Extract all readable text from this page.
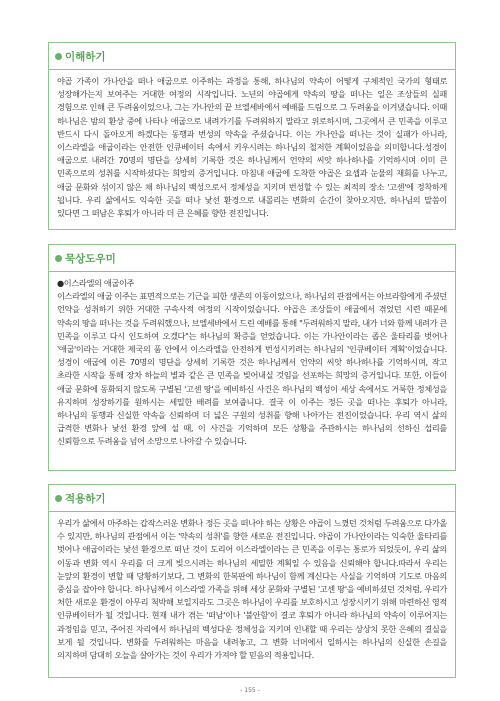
이해하기
야곱 가족이 가나안을 떠나 애굽으로 이주하는 과정을 통해, 하나님의 약속이 어떻게 구체적인 국가의 형태로 성장해가는지 보여주는 거대한 여정의 시작입니다. 노년의 야곱에게 약속의 땅을 떠나는 일은 조상들의 실패 경험으로 인해 큰 두려움이었으나, 그는 가나안의 끝 브엘세바에서 예배를 드림으로 그 두려움을 이겨냈습니다. 이때 하나님은 밤의 환상 중에 나타나 애굽으로 내려가기를 두려워하지 말라고 위로하시며, 그곳에서 큰 민족을 이루고 반드시 다시 돌아오게 하겠다는 동행과 번성의 약속을 주셨습니다. 이는 가나안을 떠나는 것이 실패가 아니라, 이스라엘을 애굽이라는 안전한 인큐베이터 속에서 키우시려는 하나님의 철저한 계획이었음을 의미합니다.성경이 애굽으로 내려간 70명의 명단을 상세히 기록한 것은 하나님께서 언약의 씨앗 하나하나를 기억하시며 이미 큰 민족으로의 성취를 시작하셨다는 희망의 증거입니다. 마침내 애굽에 도착한 야곱은 요셉과 눈물의 재회를 나누고, 애굽 문화와 섞이지 않은 채 하나님의 백성으로서 정체성을 지키며 번성할 수 있는 최적의 장소 '고센'에 정착하게 됩니다. 우리 삶에서도 익숙한 곳을 떠나 낯선 환경으로 내몰리는 변화의 순간이 찾아오지만, 하나님의 말씀이 있다면 그 떠남은 후퇴가 아니라 더 큰 은혜를 향한 전진입니다.
묵상도우미
●이스라엘의 애굽이주
이스라엘의 애굽 이주는 표면적으로는 기근을 피한 생존의 이동이었으나, 하나님의 관점에서는 아브라함에게 주셨던 언약을 성취하기 위한 거대한 구속사적 여정의 시작이었습니다. 야곱은 조상들이 애굽에서 겪었던 시련 때문에 약속의 땅을 떠나는 것을 두려워했으나, 브엘세바에서 드린 예배를 통해 "두려워하지 말라, 내가 너와 함께 내려가 큰 민족을 이루고 다시 인도하여 오겠다"는 하나님의 확증을 얻었습니다. 이는 가나안이라는 좁은 울타리를 벗어나 '애굽'이라는 거대한 제국의 품 안에서 이스라엘을 안전하게 번성시키려는 하나님의 '인큐베이터 계획'이었습니다. 성경이 애굽에 이른 70명의 명단을 상세히 기록한 것은 하나님께서 언약의 씨앗 하나하나를 기억하시며, 작고 초라한 시작을 통해 장차 하늘의 별과 같은 큰 민족을 빚어내실 것임을 선포하는 희망의 증거입니다. 또한, 이들이 애굽 문화에 동화되지 않도록 구별된 '고센 땅'을 예비하신 사건은 하나님의 백성이 세상 속에서도 거룩한 정체성을 유지하며 성장하기를 원하시는 세밀한 배려를 보여줍니다. 결국 이 이주는 정든 곳을 떠나는 후퇴가 아니라, 하나님의 동행과 신실한 약속을 신뢰하며 더 넓은 구원의 성취를 향해 나아가는 전진이었습니다. 우리 역시 삶의 급격한 변화나 낯선 환경 앞에 설 때, 이 사건을 기억하며 모든 상황을 주관하시는 하나님의 선하신 섭리를 신뢰함으로 두려움을 넘어 소망으로 나아갈 수 있습니다.
적용하기
우리가 삶에서 마주하는 갑작스러운 변화나 정든 곳을 떠나야 하는 상황은 야곱이 느꼈던 것처럼 두려움으로 다가올 수 있지만, 하나님의 관점에서 이는 '약속의 성취'를 향한 새로운 전진입니다. 야곱이 가나안이라는 익숙한 울타리를 벗어나 애굽이라는 낯선 환경으로 떠난 것이 도리어 이스라엘이라는 큰 민족을 이루는 통로가 되었듯이, 우리 삶의 이동과 변화 역시 우리를 더 크게 빚으시려는 하나님의 세밀한 계획일 수 있음을 신뢰해야 합니다.따라서 우리는 눈앞의 환경이 변할 때 당황하기보다, 그 변화의 한복판에 하나님이 함께 계신다는 사실을 기억하며 기도로 마음의 중심을 잡아야 합니다. 하나님께서 이스라엘 가족을 위해 세상 문화와 구별된 '고센 땅'을 예비하셨던 것처럼, 우리가 처한 새로운 환경이 아무리 척박해 보일지라도 그곳은 하나님이 우리를 보호하시고 성장시키기 위해 마련하신 영적 인큐베이터가 될 것입니다. 현재 내가 겪는 '떠남'이나 '불안함'이 결코 후퇴가 아니라 하나님의 약속이 이루어지는 과정임을 믿고, 주어진 자리에서 하나님의 백성다운 정체성을 지키며 인내할 때 우리는 상상치 못한 은혜의 결실을 보게 될 것입니다. 변화를 두려워하는 마음을 내려놓고, 그 변화 너머에서 일하시는 하나님의 신실한 손길을 의지하며 담대히 오늘을 살아가는 것이 우리가 가져야 할 믿음의 적용입니다.
- 155 -
